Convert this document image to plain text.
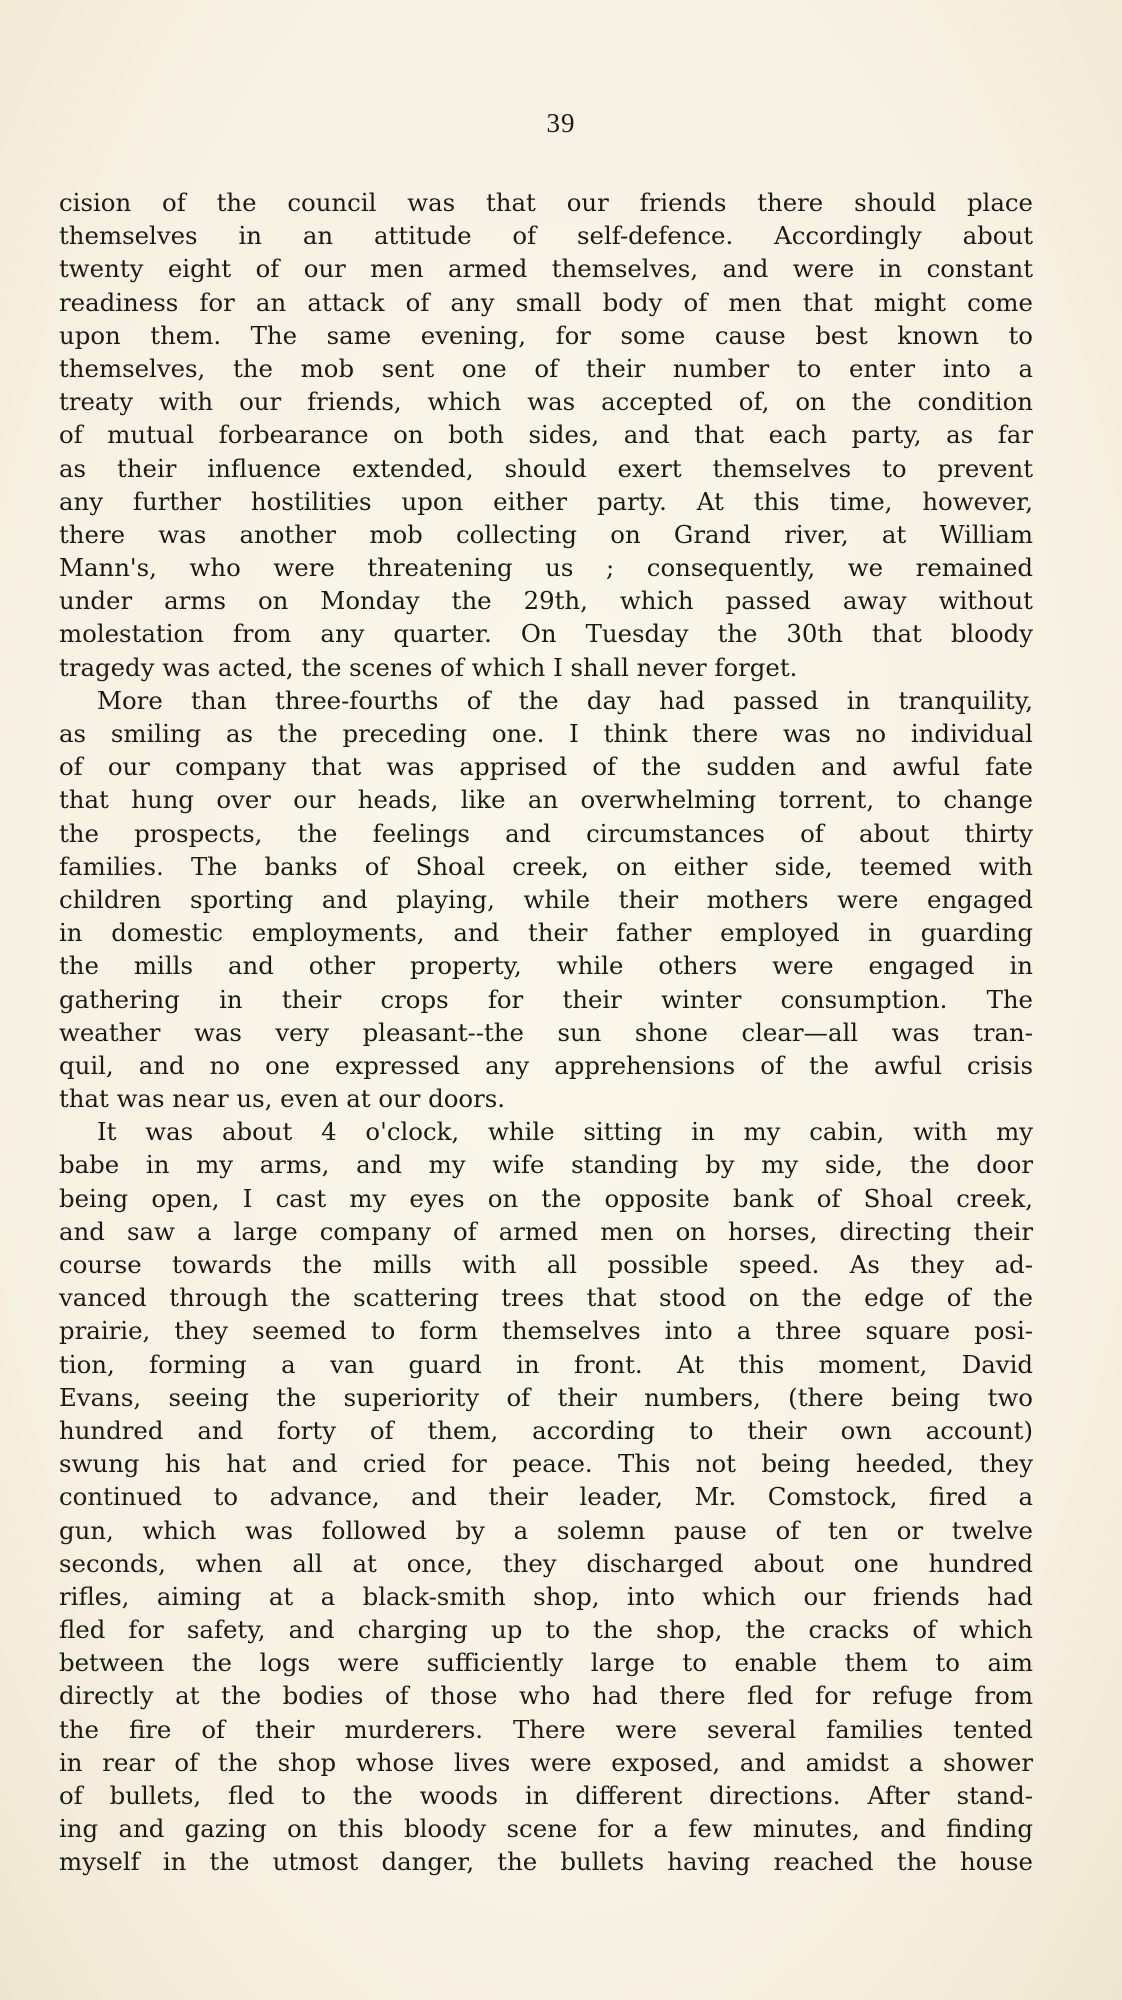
39
cision of the council was that our friends there should place
themselves in an attitude of self-defence. Accordingly about
twenty eight of our men armed themselves, and were in constant
readiness for an attack of any small body of men that might come
upon them. The same evening, for some cause best known to
themselves, the mob sent one of their number to enter into a
treaty with our friends, which was accepted of, on the condition
of mutual forbearance on both sides, and that each party, as far
as their influence extended, should exert themselves to prevent
any further hostilities upon either party. At this time, however,
there was another mob collecting on Grand river, at William
Mann's, who were threatening us ; consequently, we remained
under arms on Monday the 29th, which passed away without
molestation from any quarter. On Tuesday the 30th that bloody
tragedy was acted, the scenes of which I shall never forget.
More than three-fourths of the day had passed in tranquility,
as smiling as the preceding one. I think there was no individual
of our company that was apprised of the sudden and awful fate
that hung over our heads, like an overwhelming torrent, to change
the prospects, the feelings and circumstances of about thirty
families. The banks of Shoal creek, on either side, teemed with
children sporting and playing, while their mothers were engaged
in domestic employments, and their father employed in guarding
the mills and other property, while others were engaged in
gathering in their crops for their winter consumption. The
weather was very pleasant--the sun shone clear—all was tran-
quil, and no one expressed any apprehensions of the awful crisis
that was near us, even at our doors.
It was about 4 o'clock, while sitting in my cabin, with my
babe in my arms, and my wife standing by my side, the door
being open, I cast my eyes on the opposite bank of Shoal creek,
and saw a large company of armed men on horses, directing their
course towards the mills with all possible speed. As they ad-
vanced through the scattering trees that stood on the edge of the
prairie, they seemed to form themselves into a three square posi-
tion, forming a van guard in front. At this moment, David
Evans, seeing the superiority of their numbers, (there being two
hundred and forty of them, according to their own account)
swung his hat and cried for peace. This not being heeded, they
continued to advance, and their leader, Mr. Comstock, fired a
gun, which was followed by a solemn pause of ten or twelve
seconds, when all at once, they discharged about one hundred
rifles, aiming at a black-smith shop, into which our friends had
fled for safety, and charging up to the shop, the cracks of which
between the logs were sufficiently large to enable them to aim
directly at the bodies of those who had there fled for refuge from
the fire of their murderers. There were several families tented
in rear of the shop whose lives were exposed, and amidst a shower
of bullets, fled to the woods in different directions. After stand-
ing and gazing on this bloody scene for a few minutes, and finding
myself in the utmost danger, the bullets having reached the house
